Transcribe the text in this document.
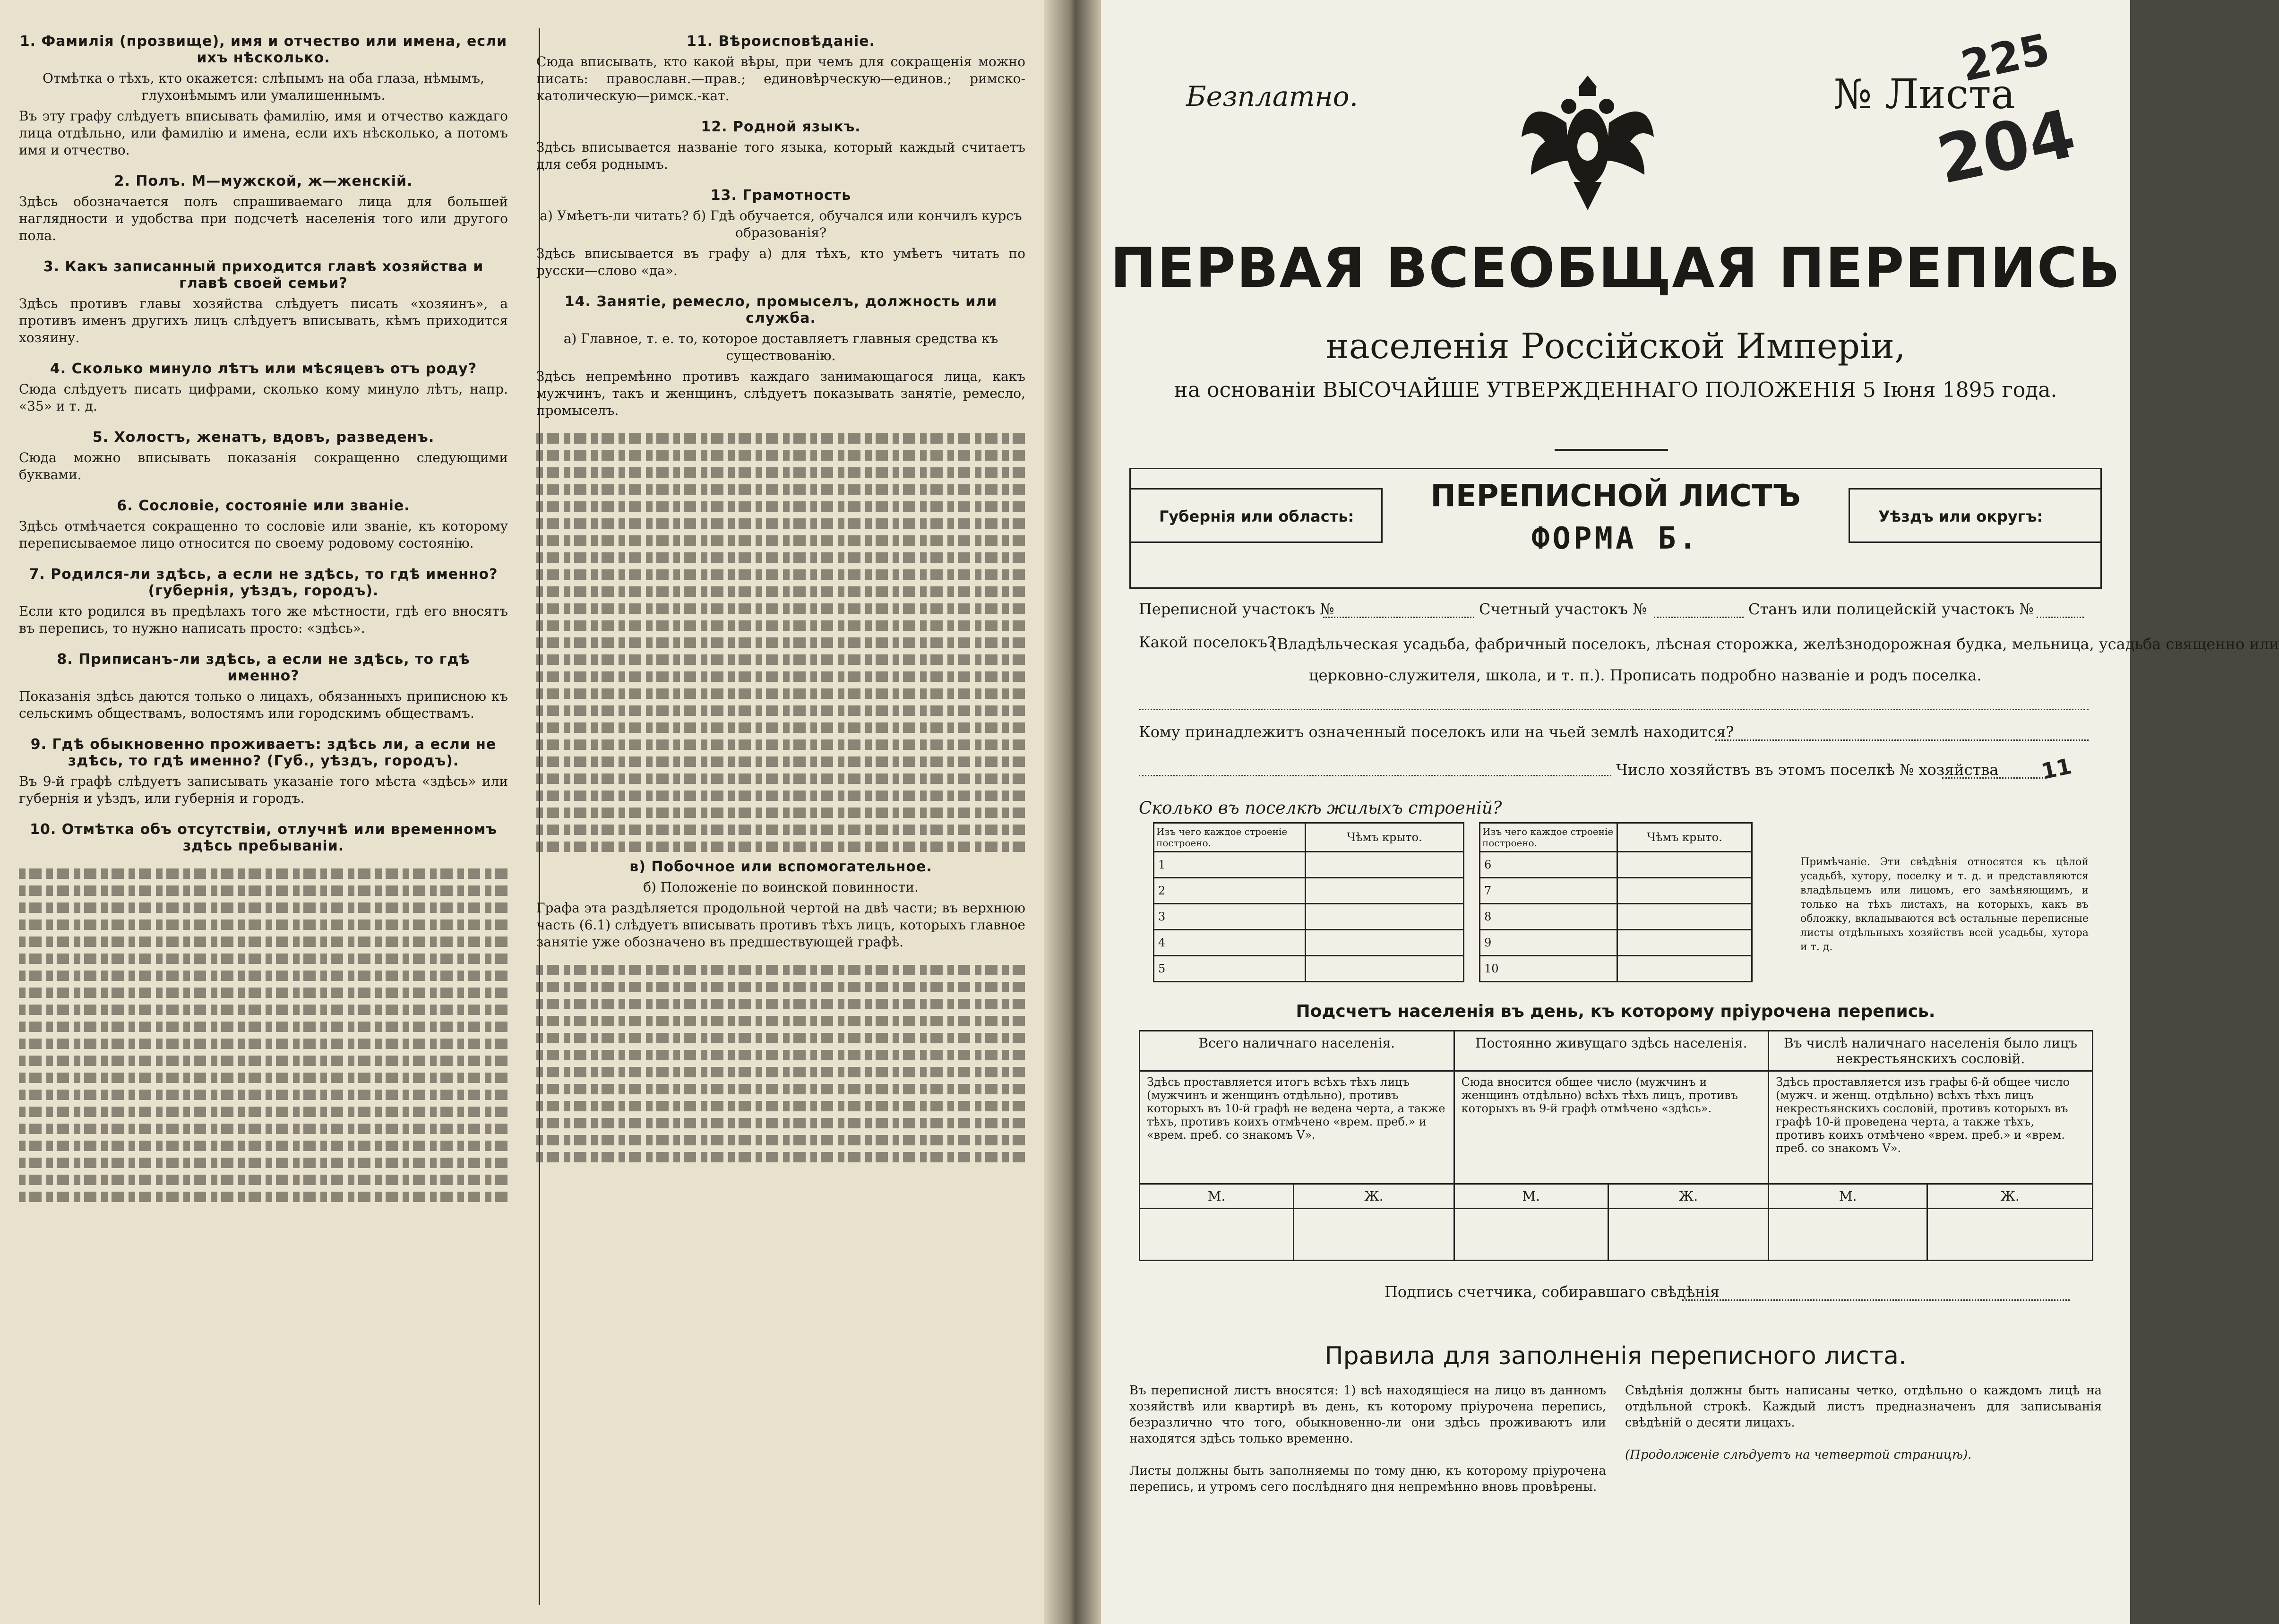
1. Фамилія (прозвище), имя и отчество или имена, если ихъ нѣсколько.

Отмѣтка о тѣхъ, кто окажется: слѣпымъ на оба глаза, нѣмымъ, глухонѣмымъ или умалишеннымъ.

Въ эту графу слѣдуетъ вписывать фамилію, имя и отчество каждаго лица отдѣльно, или фамилію и имена, если ихъ нѣсколько, а потомъ имя и отчество.

2. Полъ. М—мужской, ж—женскій.

Здѣсь обозначается полъ спрашиваемаго лица для большей наглядности и удобства при подсчетѣ населенія того или другого пола.

3. Какъ записанный приходится главѣ хозяйства и главѣ своей семьи?

Здѣсь противъ главы хозяйства слѣдуетъ писать «хозяинъ», а противъ именъ другихъ лицъ слѣдуетъ вписывать, кѣмъ приходится хозяину.

4. Сколько минуло лѣтъ или мѣсяцевъ отъ роду?

Сюда слѣдуетъ писать цифрами, сколько кому минуло лѣтъ, напр. «35» и т. д.

5. Холостъ, женатъ, вдовъ, разведенъ.

Сюда можно вписывать показанія сокращенно следующими буквами.

6. Сословіе, состояніе или званіе.

Здѣсь отмѣчается сокращенно то сословіе или званіе, къ которому переписываемое лицо относится по своему родовому состоянію.

7. Родился-ли здѣсь, а если не здѣсь, то гдѣ именно? (губернія, уѣздъ, городъ).

Если кто родился въ предѣлахъ того же мѣстности, гдѣ его вносятъ въ перепись, то нужно написать просто: «здѣсь».

8. Приписанъ-ли здѣсь, а если не здѣсь, то гдѣ именно?

Показанія здѣсь даются только о лицахъ, обязанныхъ приписною къ сельскимъ обществамъ, волостямъ или городскимъ обществамъ.

9. Гдѣ обыкновенно проживаетъ: здѣсь ли, а если не здѣсь, то гдѣ именно? (Губ., уѣздъ, городъ).

Въ 9-й графѣ слѣдуетъ записывать указаніе того мѣста «здѣсь» или губернія и уѣздъ, или губернія и городъ.

10. Отмѣтка объ отсутствіи, отлучнѣ или временномъ здѣсь пребываніи.
11. Вѣроисповѣданіе.

Сюда вписывать, кто какой вѣры, при чемъ для сокращенія можно писать: православн.—прав.; единовѣрческую—единов.; римско-католическую—римск.-кат.

12. Родной языкъ.

Здѣсь вписывается названіе того языка, который каждый считаетъ для себя роднымъ.

13. Грамотность

а) Умѣетъ-ли читать? б) Гдѣ обучается, обучался или кончилъ курсъ образованія?

Здѣсь вписывается въ графу а) для тѣхъ, кто умѣетъ читать по русски—слово «да».

14. Занятіе, ремесло, промыселъ, должность или служба.

а) Главное, т. е. то, которое доставляетъ главныя средства къ существованію.

Здѣсь непремѣнно противъ каждаго занимающагося лица, какъ мужчинъ, такъ и женщинъ, слѣдуетъ показывать занятіе, ремесло, промыселъ.

в) Побочное или вспомогательное.

б) Положеніе по воинской повинности.

Графа эта раздѣляется продольной чертой на двѣ части; въ верхнюю часть (6.1) слѣдуетъ вписывать противъ тѣхъ лицъ, которыхъ главное занятіе уже обозначено въ предшествующей графѣ.

Безплатно.	№ Листа
225
204
ПЕРВАЯ ВСЕОБЩАЯ ПЕРЕПИСЬ
населенія Россійской Имперіи,
на основаніи ВЫСОЧАЙШЕ УТВЕРЖДЕННАГО ПОЛОЖЕНІЯ 5 Іюня 1895 года.
Губернія или область:
ПЕРЕПИСНОЙ ЛИСТЪ
ФОРМА Б.
Уѣздъ или округъ:
Переписной участокъ №	Счетный участокъ №	Станъ или полицейскій участокъ №
Какой поселокъ?
(Владѣльческая усадьба, фабричный поселокъ, лѣсная сторожка, желѣзнодорожная будка, мельница, усадьба священно или
церковно-служителя, школа, и т. п.). Прописать подробно названіе и родъ поселка.
Кому принадлежитъ означенный поселокъ или на чьей землѣ находится?
Число хозяйствъ въ этомъ поселкѣ № хозяйства 11
Сколько въ поселкѣ жилыхъ строеній?
Изъ чего каждое строеніе построено.	Чѣмъ крыто.
1	
2	
3	
4	
5	
Изъ чего каждое строеніе построено.	Чѣмъ крыто.
6	
7	
8	
9	
10	
Примѣчаніе. Эти свѣдѣнія относятся къ цѣлой усадьбѣ, хутору, поселку и т. д. и представляются владѣльцемъ или лицомъ, его замѣняющимъ, и только на тѣхъ листахъ, на которыхъ, какъ въ обложку, вкладываются всѣ остальные переписные листы отдѣльныхъ хозяйствъ всей усадьбы, хутора и т. д.
Подсчетъ населенія въ день, къ которому пріурочена перепись.
Всего наличнаго населенія.		Постоянно живущаго здѣсь населенія.		Въ числѣ наличнаго населенія было лицъ некрестьянскихъ сословій.	
Здѣсь проставляется итогъ всѣхъ тѣхъ лицъ (мужчинъ и женщинъ отдѣльно), противъ которыхъ въ 10-й графѣ не ведена черта, а также тѣхъ, противъ коихъ отмѣчено «врем. преб.» и «врем. преб. со знакомъ V».		Сюда вносится общее число (мужчинъ и женщинъ отдѣльно) всѣхъ тѣхъ лицъ, противъ которыхъ въ 9-й графѣ отмѣчено «здѣсь».		Здѣсь проставляется изъ графы 6-й общее число (мужч. и женщ. отдѣльно) всѣхъ тѣхъ лицъ некрестьянскихъ сословій, противъ которыхъ въ графѣ 10-й проведена черта, а также тѣхъ, противъ коихъ отмѣчено «врем. преб.» и «врем. преб. со знакомъ V».	
М.	Ж.	М.	Ж.	М.	Ж.

Подпись счетчика, собиравшаго свѣдѣнія
Правила для заполненія переписного листа.
Въ переписной листъ вносятся: 1) всѣ находящіеся на лицо въ данномъ хозяйствѣ или квартирѣ въ день, къ которому пріурочена перепись, безразлично что того, обыкновенно-ли они здѣсь проживаютъ или находятся здѣсь только временно.

Листы должны быть заполняемы по тому дню, къ которому пріурочена перепись, и утромъ сего послѣдняго дня непремѣнно вновь провѣрены.
Свѣдѣнія должны быть написаны четко, отдѣльно о каждомъ лицѣ на отдѣльной строкѣ. Каждый листъ предназначенъ для записыванія свѣдѣній о десяти лицахъ.

(Продолженіе слѣдуетъ на четвертой страницѣ).
